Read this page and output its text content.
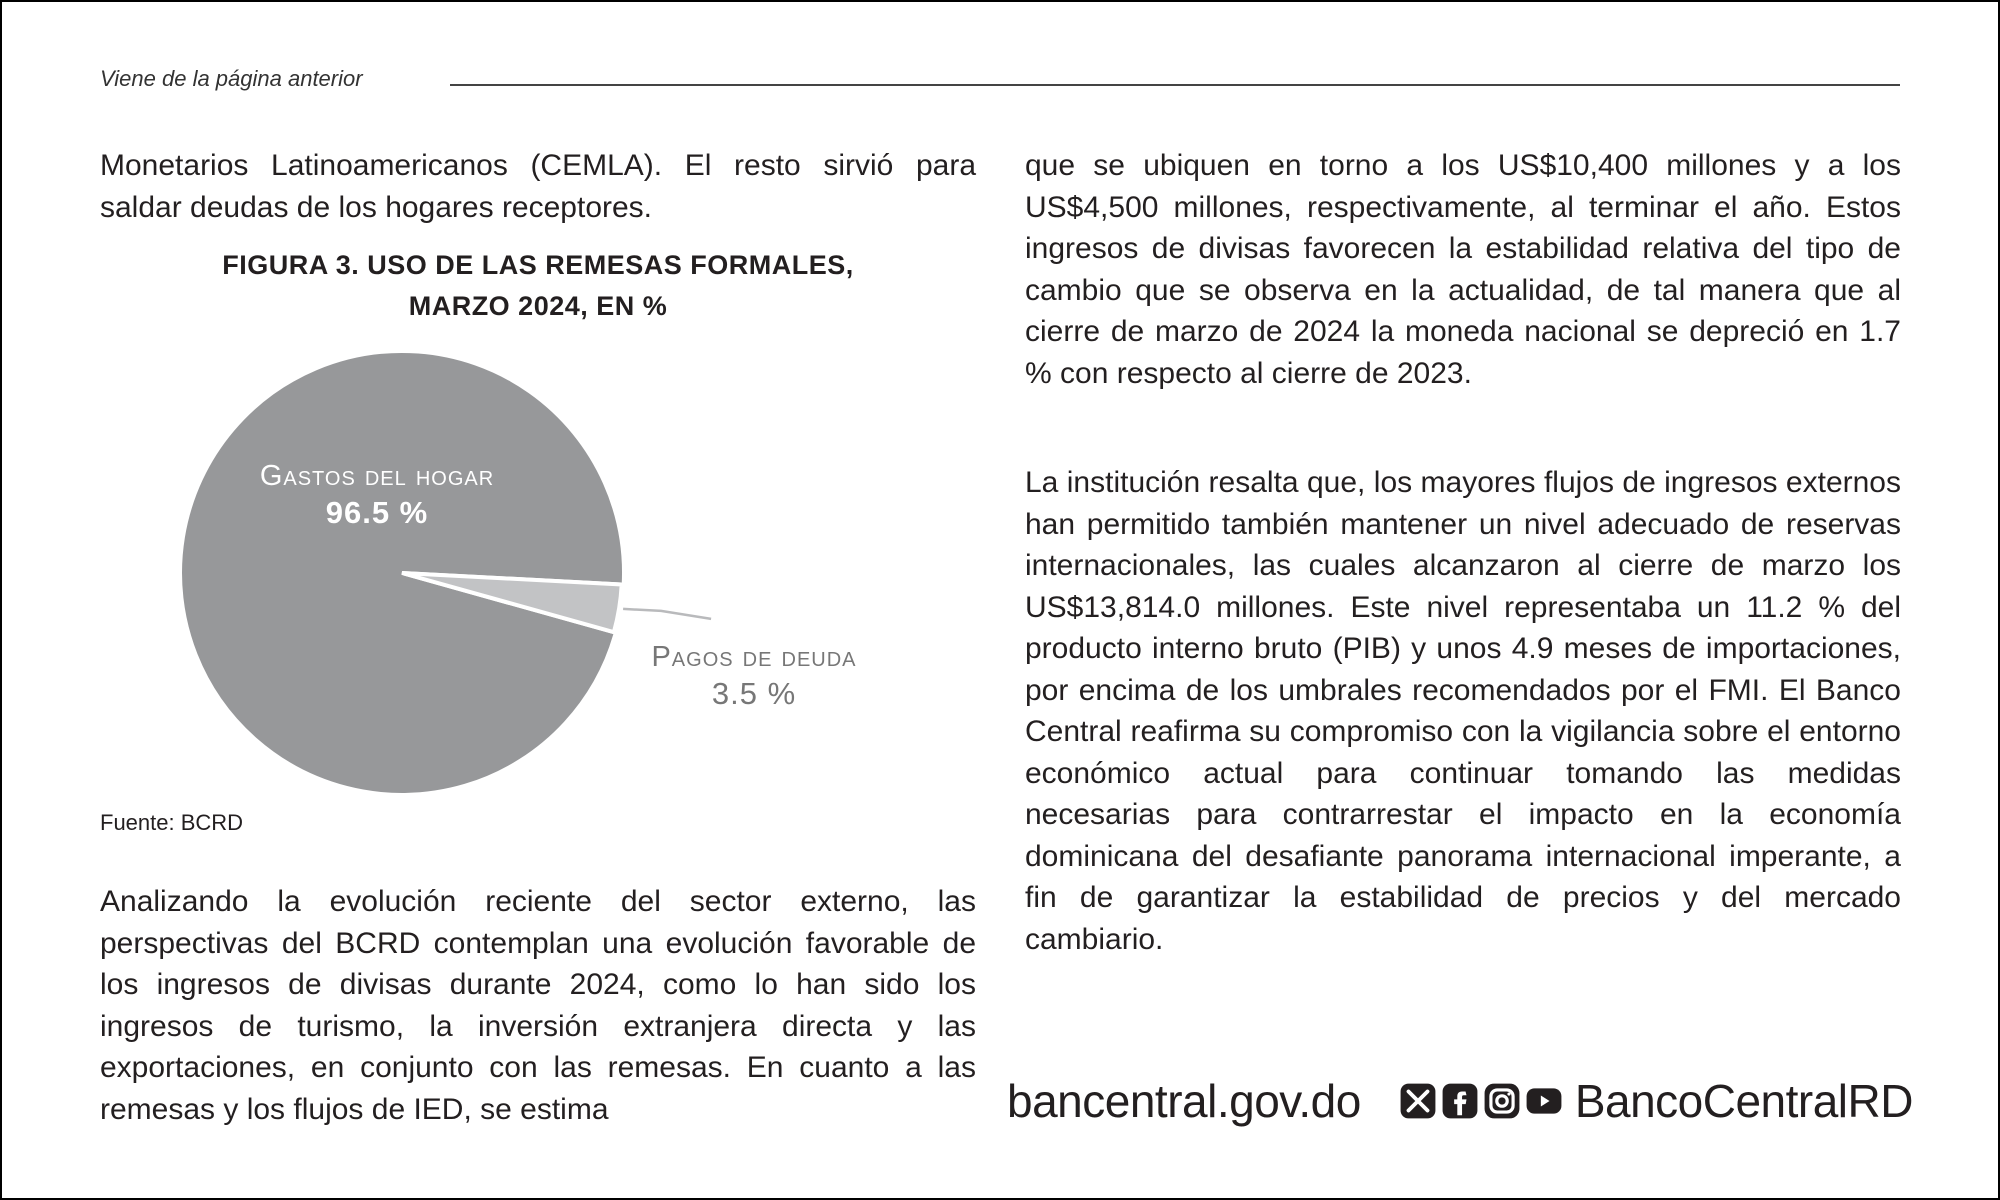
Viene de la página anterior

Monetarios Latinoamericanos (CEMLA). El resto sirvió para saldar deudas de los hogares receptores.

FIGURA 3. USO DE LAS REMESAS FORMALES,
MARZO 2024, EN %
Gastos del hogar
96.5 %
Pagos de deuda
3.5 %
Fuente: BCRD

Analizando la evolución reciente del sector externo, las perspectivas del BCRD contemplan una evolución favorable de los ingresos de divisas durante 2024, como lo han sido los ingresos de turismo, la inversión extranjera directa y las exportaciones, en conjunto con las remesas. En cuanto a las remesas y los flujos de IED, se estima

que se ubiquen en torno a los US$10,400 millones y a los US$4,500 millones, respectivamente, al terminar el año. Estos ingresos de divisas favorecen la estabilidad relativa del tipo de cambio que se observa en la actualidad, de tal manera que al cierre de marzo de 2024 la moneda nacional se depreció en 1.7 % con respecto al cierre de 2023.

La institución resalta que, los mayores flujos de ingresos externos han permitido también mantener un nivel adecuado de reservas internacionales, las cuales alcanzaron al cierre de marzo los US$13,814.0 millones. Este nivel representaba un 11.2 % del producto interno bruto (PIB) y unos 4.9 meses de importaciones, por encima de los umbrales recomendados por el FMI. El Banco Central reafirma su compromiso con la vigilancia sobre el entorno económico actual para continuar tomando las medidas necesarias para contrarrestar el impacto en la economía dominicana del desafiante panorama internacional imperante, a fin de garantizar la estabilidad de precios y del mercado cambiario.

bancentral.gov.do	BancoCentralRD
